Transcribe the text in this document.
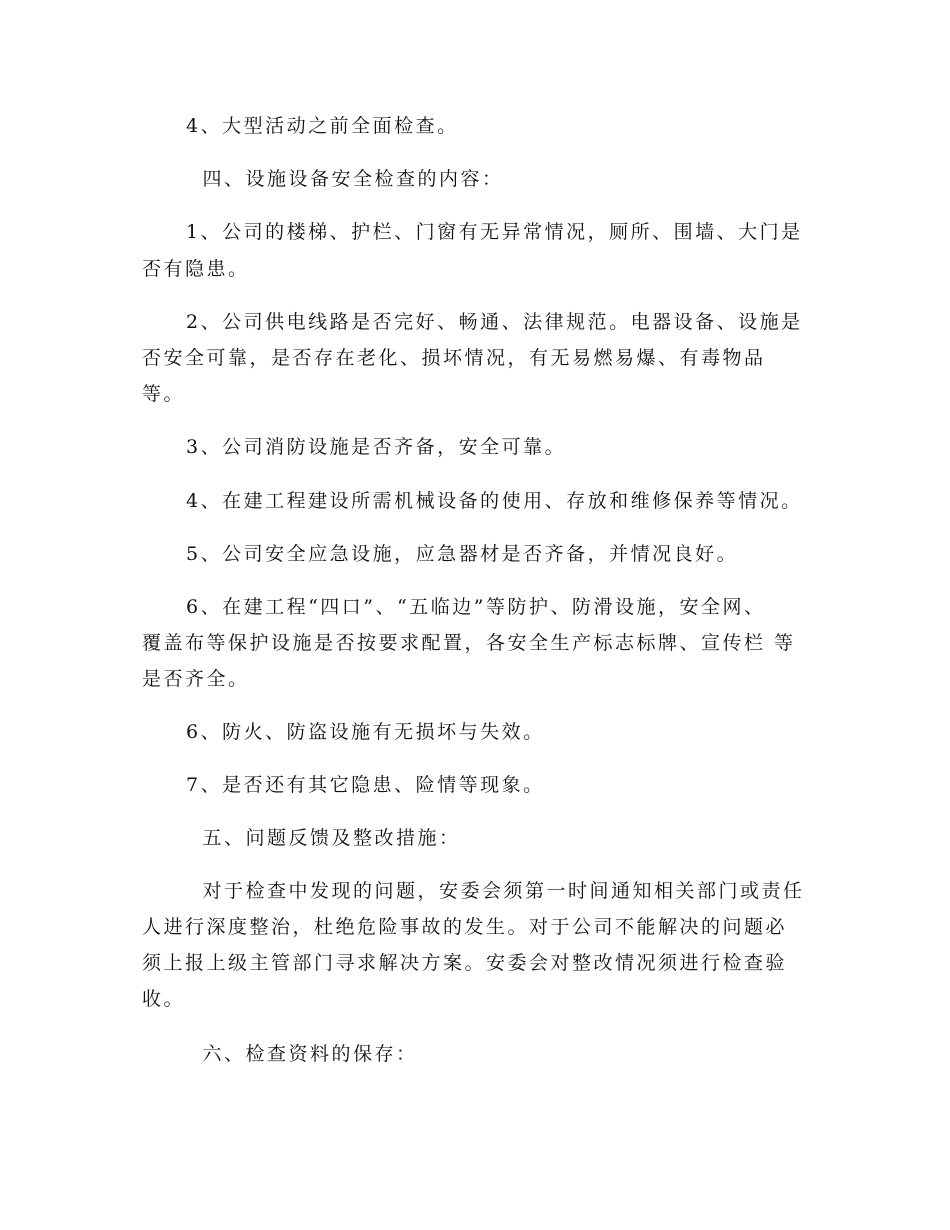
4、大型活动之前全面检查。
四、设施设备安全检查的内容：
1、公司的楼梯、护栏、门窗有无异常情况，厕所、围墙、大门是
否有隐患。
2、公司供电线路是否完好、畅通、法律规范。电器设备、设施是
否安全可靠，是否存在老化、损坏情况，有无易燃易爆、有毒物品
等。
3、公司消防设施是否齐备，安全可靠。
4、在建工程建设所需机械设备的使用、存放和维修保养等情况。
5、公司安全应急设施，应急器材是否齐备，并情况良好。
6、在建工程“四口”、“五临边”等防护、防滑设施，安全网、
覆盖布等保护设施是否按要求配置，各安全生产标志标牌、宣传栏 等
是否齐全。
6、防火、防盗设施有无损坏与失效。
7、是否还有其它隐患、险情等现象。
五、问题反馈及整改措施：
对于检查中发现的问题，安委会须第一时间通知相关部门或责任
人进行深度整治，杜绝危险事故的发生。对于公司不能解决的问题必
须上报上级主管部门寻求解决方案。安委会对整改情况须进行检查验
收。
六、检查资料的保存：
